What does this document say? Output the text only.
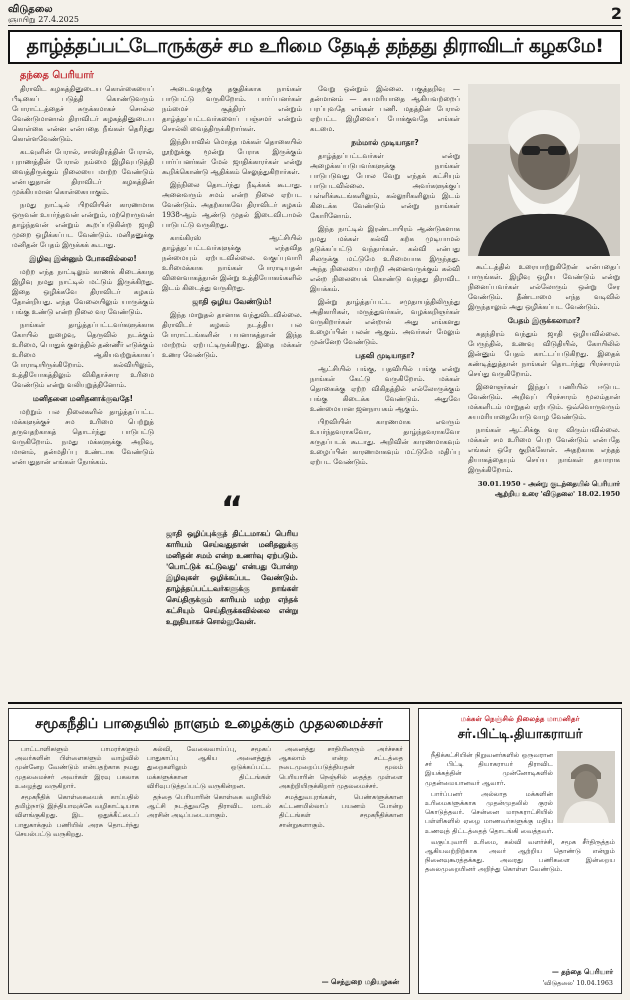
விடுதலை
ஞாயிறு 27.4.2025	2
தாழ்த்தப்பட்டோருக்குச் சம உரிமை தேடித் தந்தது திராவிடர் கழகமே!
தந்தை பெரியார்

திராவிட கழகத்தினுடைய கொள்கையைப் பீடிகைப் படுத்தி கொண்டுவரும் போராட்டத்தைச் சுருக்கமாகச் சொல்ல வேண்டுமானால் திராவிடர் கழகத்தினுடைய கொள்கை என்ன என்பதை நீங்கள் தெரிந்து கொள்ளவேண்டும்.

கடவுளின் பேரால், சாஸ்திரத்தின் பேரால், புராணத்தின் பேரால் நம்மை இழிவுபடுத்தி வைத்திருக்கும் நிலையை மாற்ற வேண்டும் என்பதுதான் திராவிடர் கழகத்தின் முக்கியமான கொள்கையாகும்.

நமது நாட்டில் பிறவியின் காரணமாக ஒருவன் உயர்ந்தவன் என்றும், மற்றொருவன் தாழ்ந்தவன் என்றும் கூறப்படுகின்ற ஜாதி முறை ஒழிக்கப்பட வேண்டும். மனிதனுக்கு மனிதன் பேதம் இருக்கக் கூடாது.

இழிவு இன்னும் போகவில்லை!

மற்ற எந்த நாட்டிலும் காணக் கிடைக்காத இழிவு நமது நாட்டில் மட்டும் இருக்கிறது. இதை ஒழிக்கவே திராவிடர் கழகம் தோன்றியது. எந்த வேலையிலும் யாருக்கும் பங்கு உண்டு என்ற நிலை வர வேண்டும்.

நாங்கள் தாழ்த்தப்பட்டவர்களுக்காக கோயில் நுழைவு, தெருவில் நடக்கும் உரிமை, பொதுக் குளத்தில் தண்ணீர் எடுக்கும் உரிமை ஆகியவற்றுக்காகப் போராடியிருக்கிறோம். கல்வியிலும், உத்தியோகத்திலும் விகிதாச்சார உரிமை வேண்டும் என்று வலியுறுத்தினோம்.

மனிதனை மனிதனாக்குவதே!

மற்றும் பல நிலைகளில் தாழ்த்தப்பட்ட மக்களுக்குச் சம உரிமை பெற்றுத் தருவதற்காகத் தொடர்ந்து பாடுபட்டு வருகிறோம். நமது மக்களுக்கு அறிவு, மானம், தன்மதிப்பு உண்டாக வேண்டும் என்பதுதான் எங்கள் நோக்கம்.

அடைவதற்கு தகுதிக்காக நாங்கள் பாடுபட்டு வருகிறோம். பார்ப்பனர்கள் நம்மைச் சூத்திரர் என்றும் தாழ்த்தப்பட்டவர்களைப் பஞ்சமர் என்றும் சொல்லி வைத்திருக்கிறார்கள்.

இந்தியாவில் மொத்த மக்கள் தொகையில் நூற்றுக்கு மூன்று பேராக இருக்கும் பார்ப்பனர்கள் மேல் ஜாதிக்காரர்கள் என்று கூறிக்கொண்டு ஆதிக்கம் செலுத்துகிறார்கள்.

இந்நிலை தொடர்ந்து நீடிக்கக் கூடாது. அனைவரும் சமம் என்ற நிலை ஏற்பட வேண்டும். அதற்காகவே திராவிடர் கழகம் 1938-ஆம் ஆண்டு முதல் இடைவிடாமல் பாடுபட்டு வருகிறது.

காங்கிரஸ் ஆட்சியில் தாழ்த்தப்பட்டவர்களுக்கு எந்தவித நன்மையும் ஏற்படவில்லை. வகுப்புவாரி உரிமைக்காக நாங்கள் போராடியதன் விளைவாகத்தான் இன்று உத்தியோகங்களில் இடம் கிடைத்து வருகிறது.

ஜாதி ஒழிய வேண்டும்!

இந்த மாறுதல் தானாக வந்துவிடவில்லை. திராவிடர் கழகம் நடத்திய பல போராட்டங்களின் பயனாகத்தான் இந்த மாற்றம் ஏற்பட்டிருக்கிறது. இதை மக்கள் உணர வேண்டும்.

வேறு ஒன்றும் இல்லை. பகுத்தறிவு — தன்மானம் — சுயமரியாதை ஆகியவற்றைப் பரப்புவதே எங்கள் பணி. மதத்தின் பேரால் ஏற்பட்ட இழிவைப் போக்குவதே எங்கள் கடமை.

நம்மால் முடியாதா?

தாழ்த்தப்பட்டவர்கள் என்று அழைக்கப்படுபவர்களுக்கு நாங்கள் பாடுபடுவது போல வேறு எந்தக் கட்சியும் பாடுபடவில்லை. அவர்களுக்குப் பள்ளிக்கூடங்களிலும், கல்லூரிகளிலும் இடம் கிடைக்க வேண்டும் என்று நாங்கள் கோரினோம்.

இந்த நாட்டில் இரண்டாயிரம் ஆண்டுகளாக நமது மக்கள் கல்வி கற்க முடியாமல் தடுக்கப்பட்டு வந்தார்கள். கல்வி என்பது சிலருக்கு மட்டுமே உரிமையாக இருந்தது. அந்த நிலையை மாற்றி அனைவருக்கும் கல்வி என்ற நிலையைக் கொண்டு வந்தது திராவிட இயக்கம்.

இன்று தாழ்த்தப்பட்ட சமுதாயத்திலிருந்து அதிகாரிகள், மருத்துவர்கள், வழக்கறிஞர்கள் வருகிறார்கள் என்றால் அது எங்களது உழைப்பின் பலன் ஆகும். அவர்கள் மேலும் முன்னேற வேண்டும்.

பதவி முடியாதா?

ஆட்சியில் பங்கு, பதவியில் பங்கு என்று நாங்கள் கேட்டு வருகிறோம். மக்கள் தொகைக்கு ஏற்ற விகிதத்தில் எல்லோருக்கும் பங்கு கிடைக்க வேண்டும். அதுவே உண்மையான ஜனநாயகம் ஆகும்.

பிறவியின் காரணமாக எவரும் உயர்ந்தவராகவோ, தாழ்ந்தவராகவோ கருதப்படக் கூடாது. அறிவின் காரணமாகவும் உழைப்பின் காரணமாகவும் மட்டுமே மதிப்பு ஏற்பட வேண்டும்.

“
ஜாதி ஒழிப்புக்குத் திட்டமாகப் பெரிய காரியம் செய்வதுதான் மனிதனுக்கு மனிதன் சமம் என்ற உணர்வு ஏற்படும். 'பொட்டுக் கட்டுவது' என்பது போன்ற இழிவுகள் ஒழிக்கப்பட வேண்டும். தாழ்த்தப்பட்டவர்களுக்கு நாங்கள் செய்திருக்கும் காரியம் மற்ற எந்தக் கட்சியும் செய்திருக்கவில்லை என்று உறுதியாகச் சொல்லுவேன்.

கூட்டத்தில் உரையாற்றுகிறேன் என்பதைப் பாருங்கள். இழிவு ஒழிய வேண்டும் என்று நினைப்பவர்கள் எல்லோரும் ஒன்று சேர வேண்டும். தீண்டாமை எந்த வடிவில் இருந்தாலும் அது ஒழிக்கப்பட வேண்டும்.

பேதம் இருக்கலாமா?

சுதந்திரம் வந்தும் ஜாதி ஒழியவில்லை. பேருந்தில், உணவு விடுதியில், கோயிலில் இன்னும் பேதம் காட்டப்படுகிறது. இதைக் கண்டித்துத்தான் நாங்கள் தொடர்ந்து பிரச்சாரம் செய்து வருகிறோம்.

இளைஞர்கள் இந்தப் பணியில் ஈடுபட வேண்டும். அறிவுப் பிரச்சாரம் மூலம்தான் மக்களிடம் மாறுதல் ஏற்படும். ஒவ்வொருவரும் சுயமரியாதையோடு வாழ வேண்டும்.

நாங்கள் ஆட்சிக்கு வர விரும்பவில்லை. மக்கள் சம உரிமை பெற வேண்டும் என்பதே எங்கள் ஒரே குறிக்கோள். அதற்காக எந்தத் தியாகத்தையும் செய்ய நாங்கள் தயாராக இருக்கிறோம்.

30.01.1950 - அன்று குடந்தையில் பெரியார் ஆற்றிய உரை 'விடுதலை' 18.02.1950
சமூகநீதிப் பாதையில் நாளும் உழைக்கும் முதலமைச்சர்

பாட்டாளிகளும் பாமரர்களும் அவர்களின் பிள்ளைகளும் வாழ்வில் முன்னேற வேண்டும் என்பதற்காக நமது முதலமைச்சர் அவர்கள் இரவு பகலாக உழைத்து வருகிறார்.

சமூகநீதிக் கொள்கையைக் காப்பதில் தமிழ்நாடு இந்தியாவுக்கே வழிகாட்டியாக விளங்குகிறது. இட ஒதுக்கீட்டைப் பாதுகாக்கும் பணியில் அரசு தொடர்ந்து செயல்பட்டு வருகிறது.

கல்வி, வேலைவாய்ப்பு, சமூகப் பாதுகாப்பு ஆகிய அனைத்துத் துறைகளிலும் ஒடுக்கப்பட்ட மக்களுக்கான திட்டங்கள் விரிவுபடுத்தப்பட்டு வருகின்றன.

தந்தை பெரியாரின் கொள்கை வழியில் ஆட்சி நடத்துவதே திராவிட மாடல் அரசின் அடிப்படையாகும்.

அனைத்து சாதியினரும் அர்ச்சகர் ஆகலாம் என்ற சட்டத்தை நடைமுறைப்படுத்தியதன் மூலம் பெரியாரின் நெஞ்சில் தைத்த முள்ளை அகற்றியிருக்கிறார் முதலமைச்சர்.

சமத்துவபுரங்கள், பெண்களுக்கான கட்டணமில்லாப் பயணம் போன்ற திட்டங்கள் சமூகநீதிக்கான சான்றுகளாகும்.

— செந்துறை மதியழகன்
மக்கள் நெஞ்சில் நிலைத்த மாமனிதர்
சர்.பிட்டி.தியாகராயர்

நீதிக்கட்சியின் நிறுவனர்களில் ஒருவரான சர் பிட்டி தியாகராயர் திராவிட இயக்கத்தின் முன்னோடிகளில் முதன்மையானவர் ஆவார்.

பார்ப்பனர் அல்லாத மக்களின் உரிமைகளுக்காக முதன்முதலில் குரல் கொடுத்தவர். சென்னை மாநகராட்சியில் பள்ளிகளில் ஏழை மாணவர்களுக்கு மதிய உணவுத் திட்டத்தைத் தொடங்கி வைத்தவர்.

வகுப்புவாரி உரிமை, கல்வி வளர்ச்சி, சமூக சீர்திருத்தம் ஆகியவற்றிற்காக அவர் ஆற்றிய தொண்டு என்றும் நினைவுகூரத்தக்கது. அவரது பணிகளை இன்றைய தலைமுறையினர் அறிந்து கொள்ள வேண்டும்.

— தந்தை பெரியார்
'விடுதலை' 10.04.1963
